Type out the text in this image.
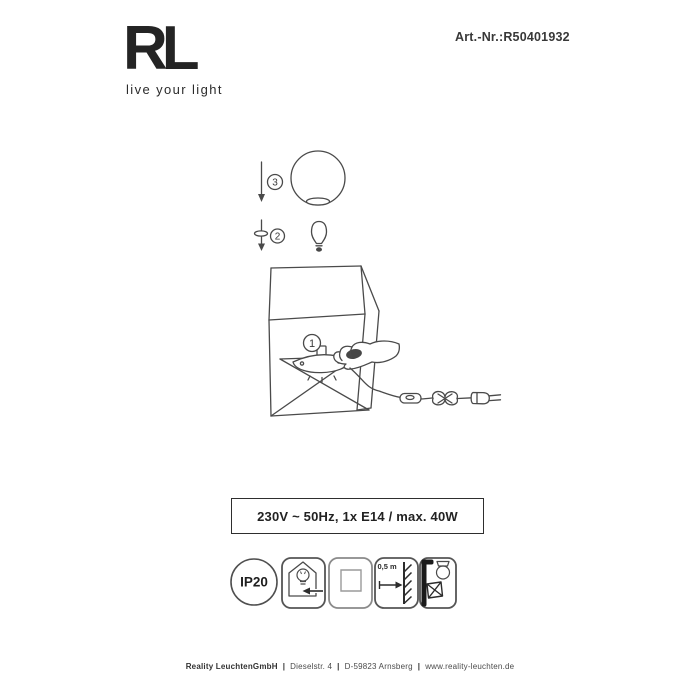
RL
live your light
Art.-Nr.:R50401932
3
2
1
230V ~ 50Hz, 1x E14 / max. 40W
IP20
0,5 m
Reality LeuchtenGmbH | Dieselstr. 4 | D-59823 Arnsberg | www.reality-leuchten.de
